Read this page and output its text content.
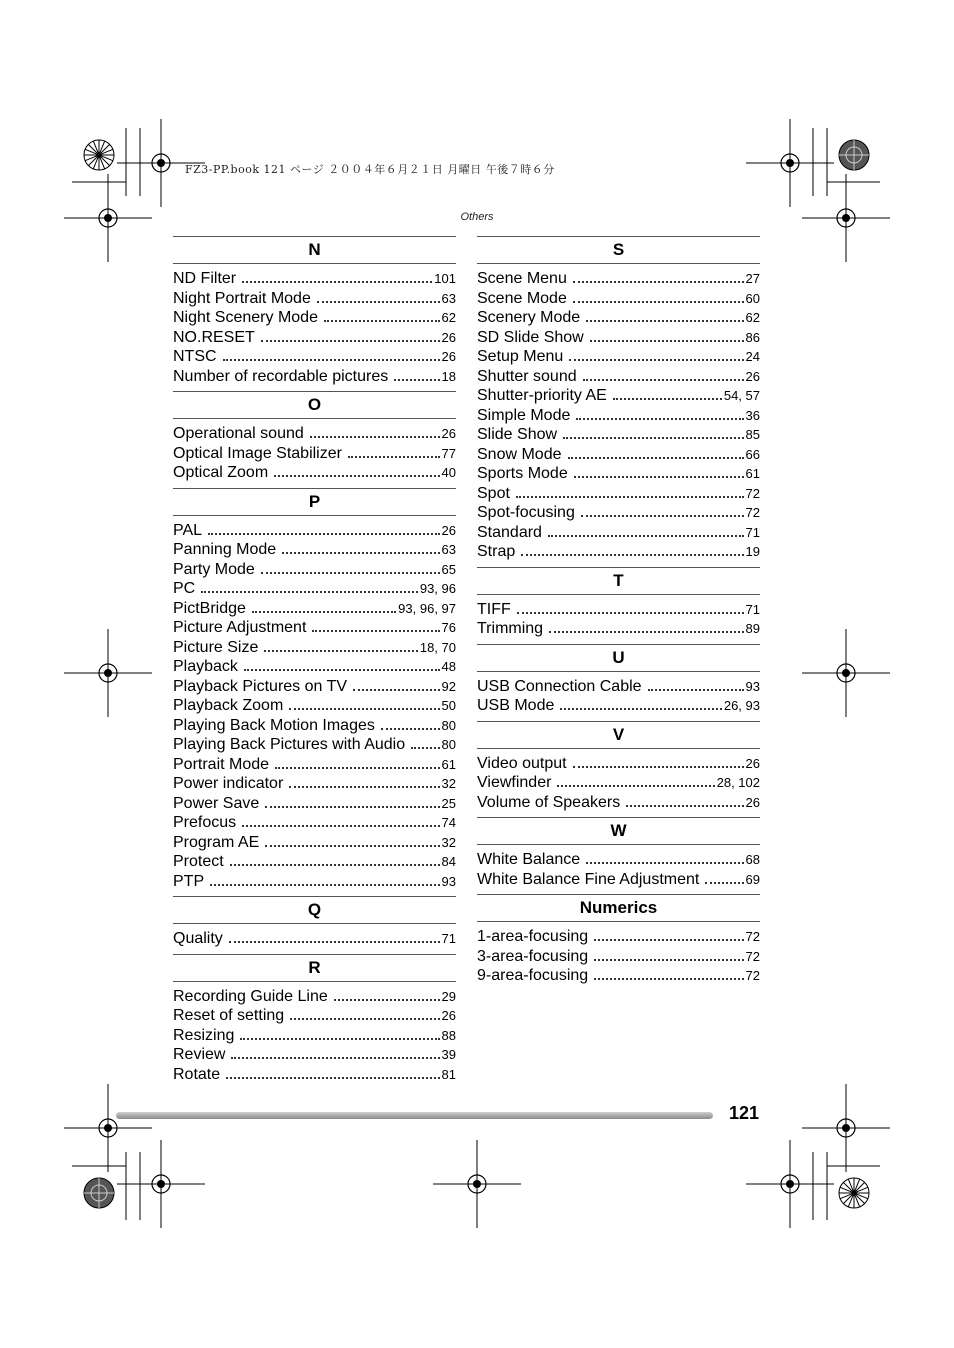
FZ3-PP.book 121 ページ ２００４年６月２１日 月曜日 午後７時６分
Others
N
ND Filter	101
Night Portrait Mode	63
Night Scenery Mode	62
NO.RESET	26
NTSC	26
Number of recordable pictures	18
O
Operational sound	26
Optical Image Stabilizer	77
Optical Zoom	40
P
PAL	26
Panning Mode	63
Party Mode	65
PC	93, 96
PictBridge	93, 96, 97
Picture Adjustment	76
Picture Size	18, 70
Playback	48
Playback Pictures on TV	92
Playback Zoom	50
Playing Back Motion Images	80
Playing Back Pictures with Audio	80
Portrait Mode	61
Power indicator	32
Power Save	25
Prefocus	74
Program AE	32
Protect	84
PTP	93
Q
Quality	71
R
Recording Guide Line	29
Reset of setting	26
Resizing	88
Review	39
Rotate	81
S
Scene Menu	27
Scene Mode	60
Scenery Mode	62
SD Slide Show	86
Setup Menu	24
Shutter sound	26
Shutter-priority AE	54, 57
Simple Mode	36
Slide Show	85
Snow Mode	66
Sports Mode	61
Spot	72
Spot-focusing	72
Standard	71
Strap	19
T
TIFF	71
Trimming	89
U
USB Connection Cable	93
USB Mode	26, 93
V
Video output	26
Viewfinder	28, 102
Volume of Speakers	26
W
White Balance	68
White Balance Fine Adjustment	69
Numerics
1-area-focusing	72
3-area-focusing	72
9-area-focusing	72
121
